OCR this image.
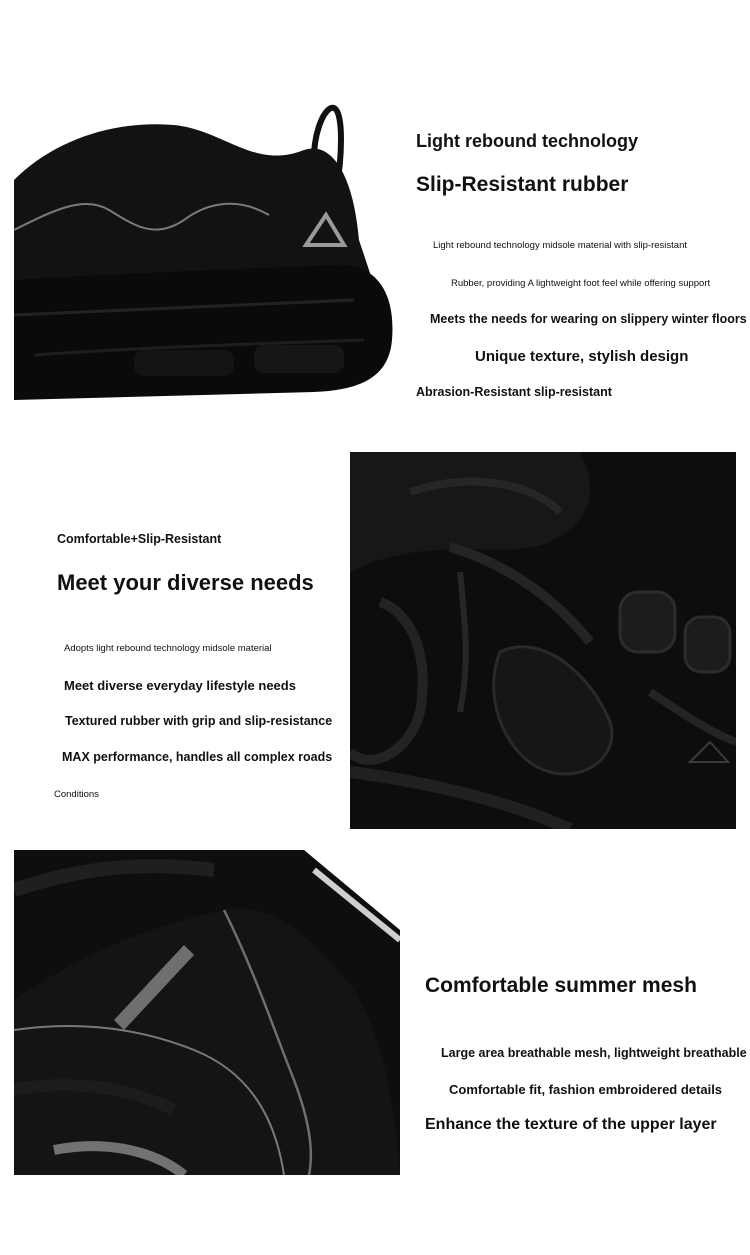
Light rebound technology
Slip-Resistant rubber
Light rebound technology midsole material with slip-resistant
Rubber, providing A lightweight foot feel while offering support
Meets the needs for wearing on slippery winter floors
Unique texture, stylish design
Abrasion-Resistant slip-resistant
Comfortable+Slip-Resistant
Meet your diverse needs
Adopts light rebound technology midsole material
Meet diverse everyday lifestyle needs
Textured rubber with grip and slip-resistance
MAX performance, handles all complex roads
Conditions
Comfortable summer mesh
Large area breathable mesh, lightweight breathable
Comfortable fit, fashion embroidered details
Enhance the texture of the upper layer
